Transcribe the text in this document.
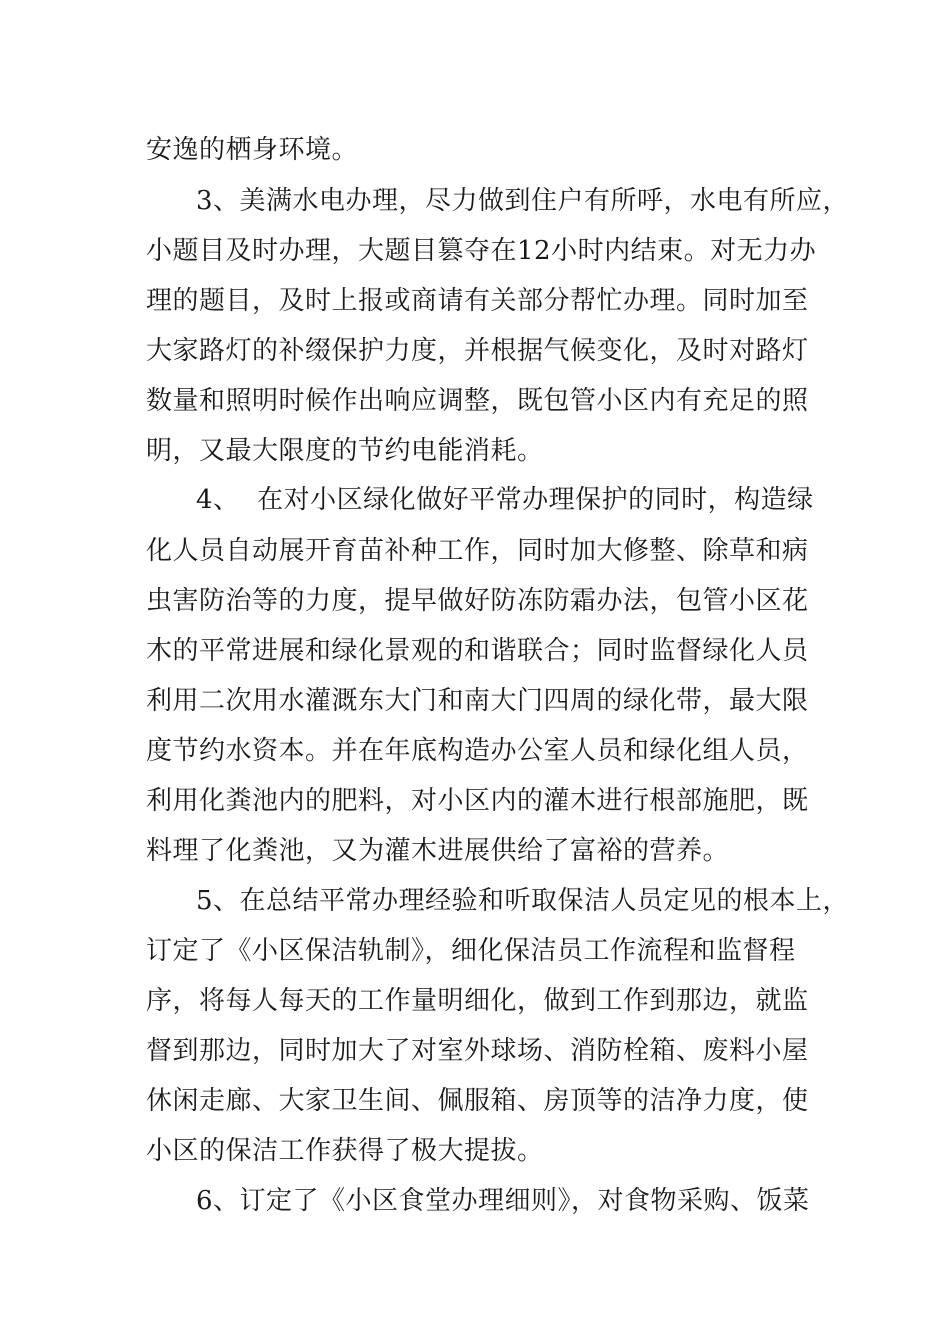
安逸的栖身环境。
3、美满水电办理，尽力做到住户有所呼，水电有所应，
小题目及时办理，大题目篡夺在12小时内结束。对无力办
理的题目，及时上报或商请有关部分帮忙办理。同时加至
大家路灯的补缀保护力度，并根据气候变化，及时对路灯
数量和照明时候作出响应调整，既包管小区内有充足的照
明，又最大限度的节约电能消耗。
4、  在对小区绿化做好平常办理保护的同时，构造绿
化人员自动展开育苗补种工作，同时加大修整、除草和病
虫害防治等的力度，提早做好防冻防霜办法，包管小区花
木的平常进展和绿化景观的和谐联合；同时监督绿化人员
利用二次用水灌溉东大门和南大门四周的绿化带，最大限
度节约水资本。并在年底构造办公室人员和绿化组人员，
利用化粪池内的肥料，对小区内的灌木进行根部施肥，既
料理了化粪池，又为灌木进展供给了富裕的营养。
5、在总结平常办理经验和听取保洁人员定见的根本上，
订定了《小区保洁轨制》，细化保洁员工作流程和监督程
序，将每人每天的工作量明细化，做到工作到那边，就监
督到那边，同时加大了对室外球场、消防栓箱、废料小屋
休闲走廊、大家卫生间、佩服箱、房顶等的洁净力度，使
小区的保洁工作获得了极大提拔。
6、订定了《小区食堂办理细则》，对食物采购、饭菜
